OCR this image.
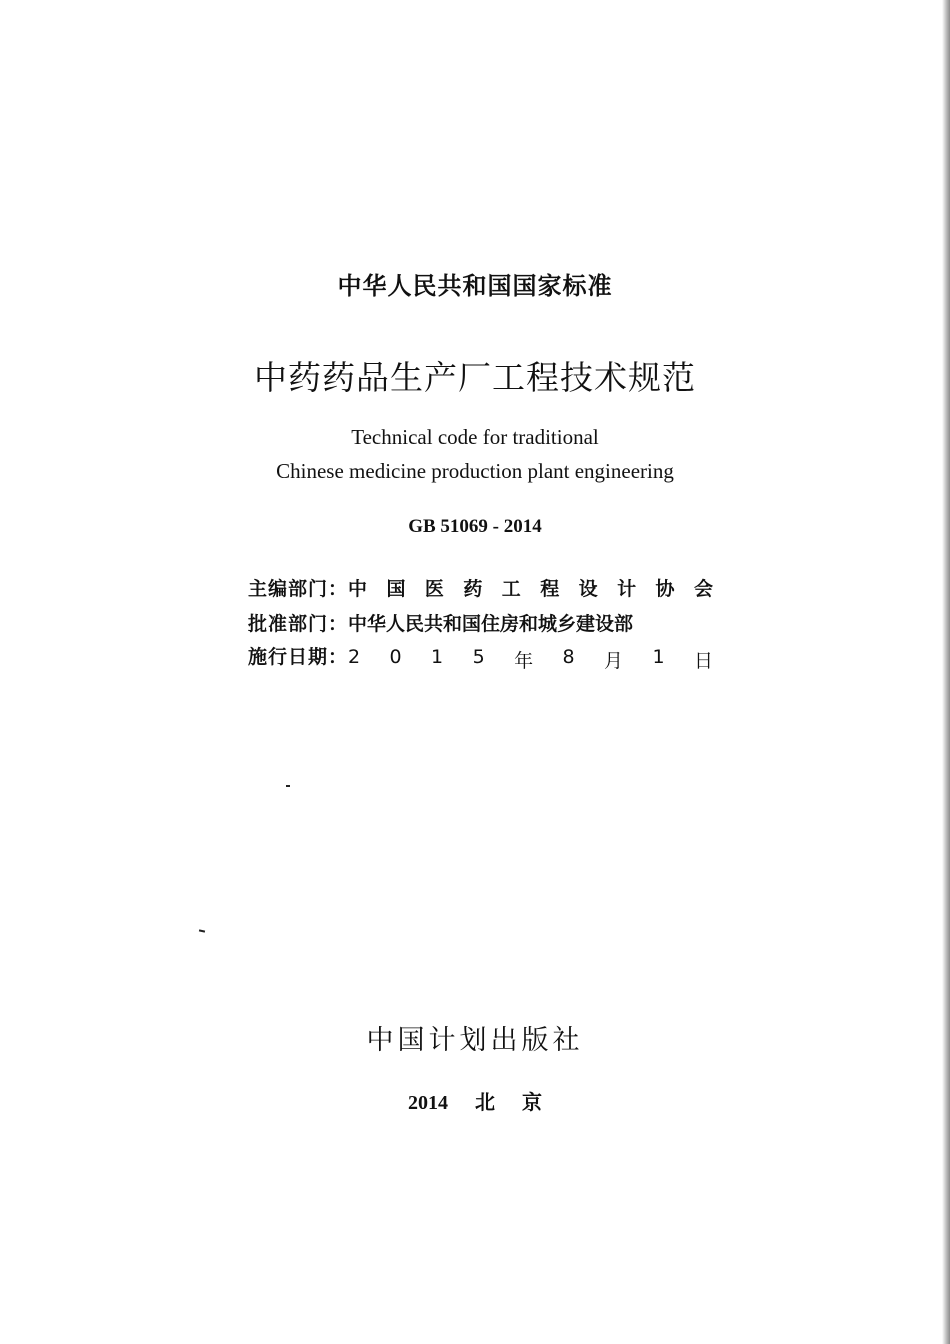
中华人民共和国国家标准
中药药品生产厂工程技术规范
Technical code for traditional
Chinese medicine production plant engineering
GB 51069 - 2014
主编部门： 中 国 医 药 工 程 设 计 协 会
批准部门： 中华人民共和国住房和城乡建设部
施行日期： 2 0 1 5 年 8 月 1 日
中国计划出版社
2014 北 京
